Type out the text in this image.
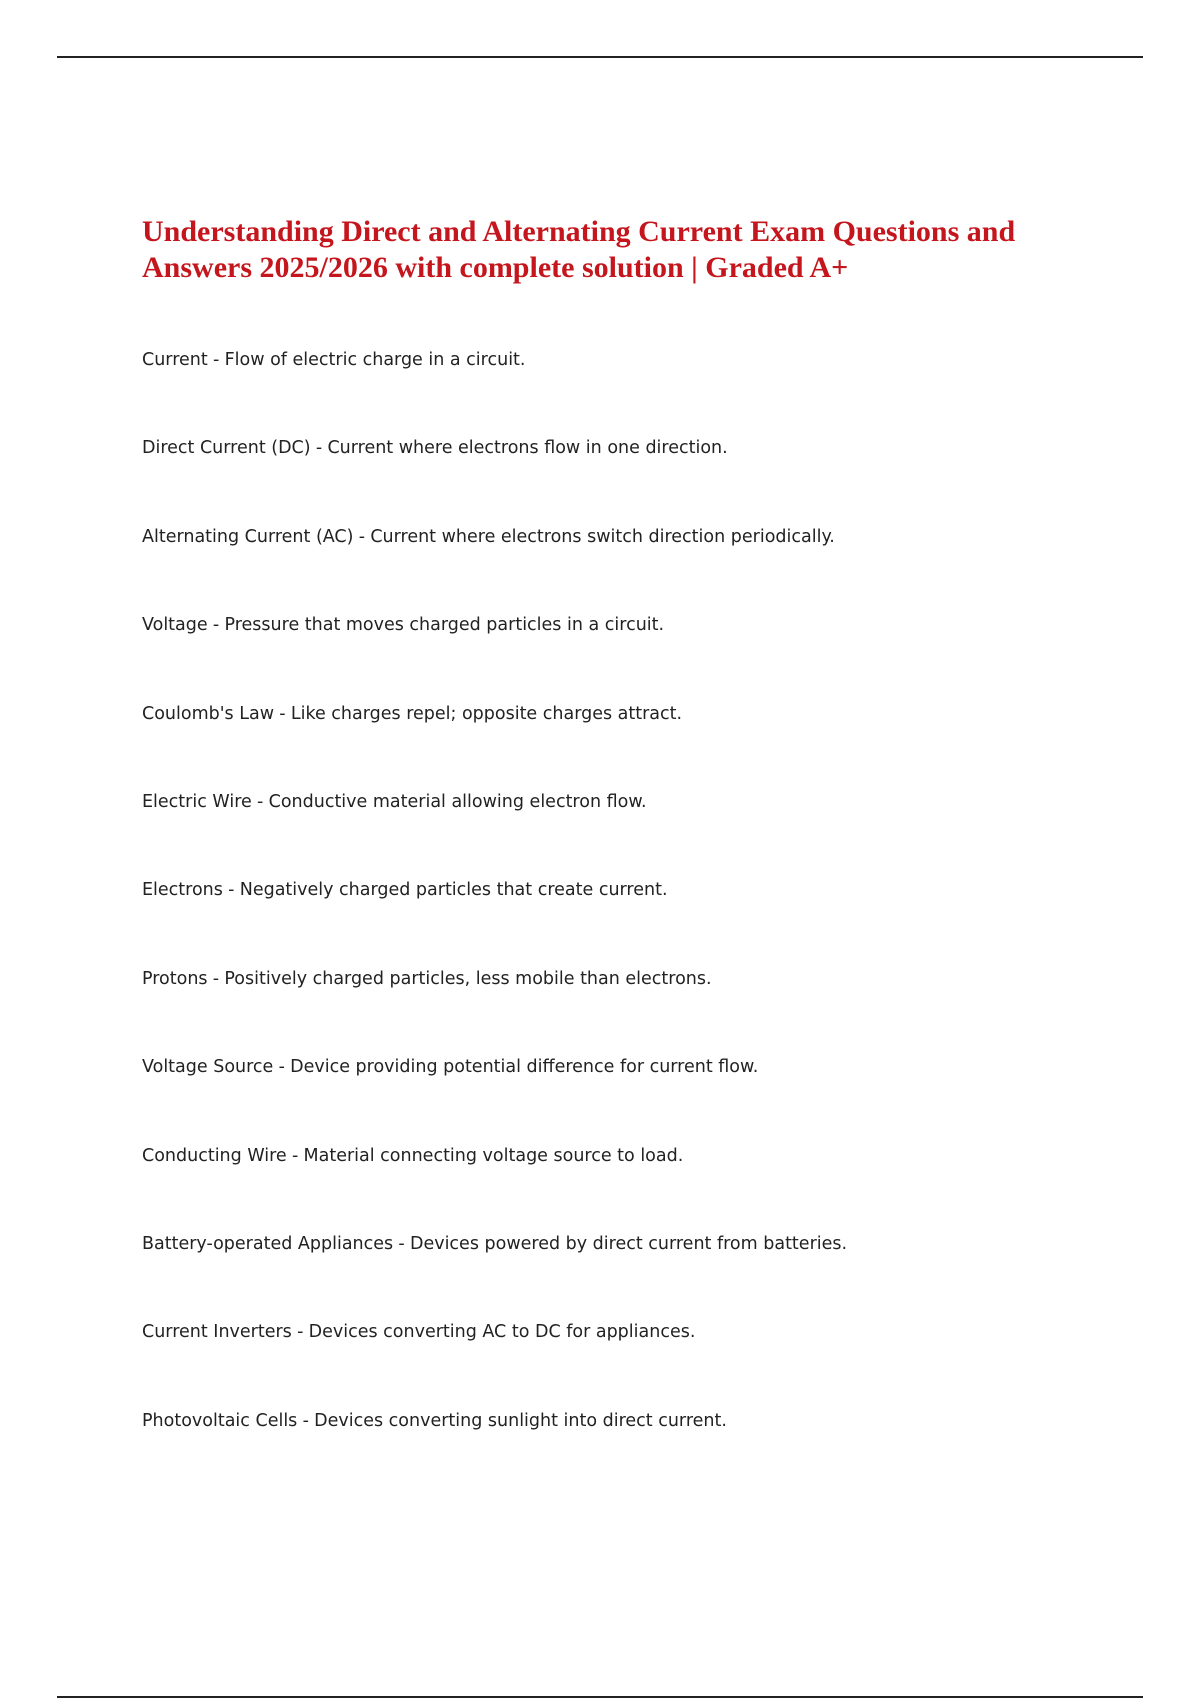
Understanding Direct and Alternating Current Exam Questions and
Answers 2025/2026 with complete solution | Graded A+
Current - Flow of electric charge in a circuit.
Direct Current (DC) - Current where electrons flow in one direction.
Alternating Current (AC) - Current where electrons switch direction periodically.
Voltage - Pressure that moves charged particles in a circuit.
Coulomb's Law - Like charges repel; opposite charges attract.
Electric Wire - Conductive material allowing electron flow.
Electrons - Negatively charged particles that create current.
Protons - Positively charged particles, less mobile than electrons.
Voltage Source - Device providing potential difference for current flow.
Conducting Wire - Material connecting voltage source to load.
Battery-operated Appliances - Devices powered by direct current from batteries.
Current Inverters - Devices converting AC to DC for appliances.
Photovoltaic Cells - Devices converting sunlight into direct current.
